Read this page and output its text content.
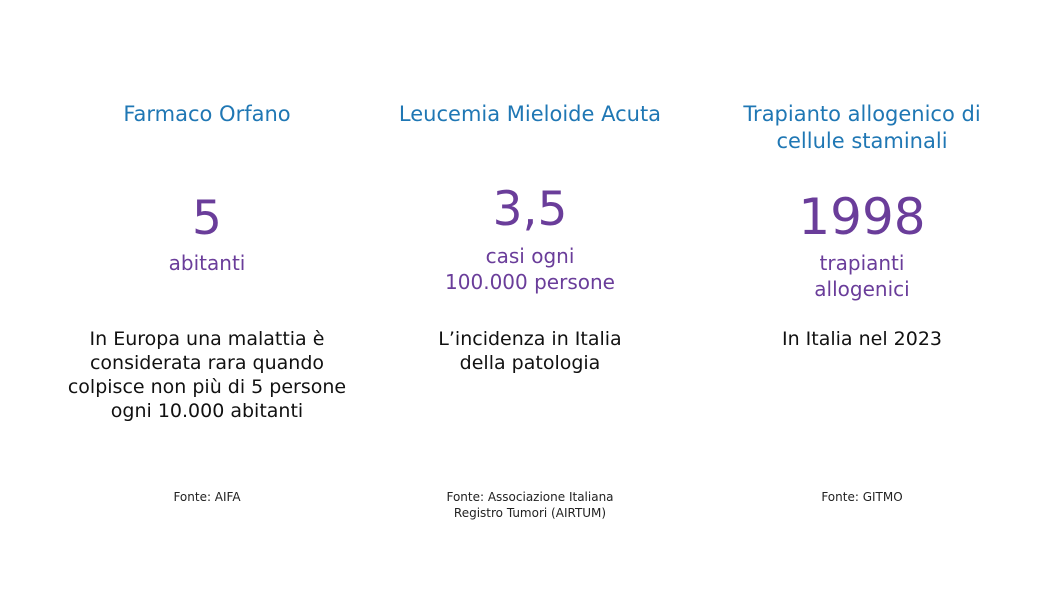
Farmaco Orfano
5
abitanti

In Europa una malattia è
considerata rara quando
colpisce non più di 5 persone
ogni 10.000 abitanti

Fonte: AIFA

Leucemia Mieloide Acuta
3,5
casi ogni
100.000 persone

L’incidenza in Italia
della patologia

Fonte: Associazione Italiana
Registro Tumori (AIRTUM)

Trapianto allogenico di
cellule staminali
1998
trapianti
allogenici

In Italia nel 2023

Fonte: GITMO
